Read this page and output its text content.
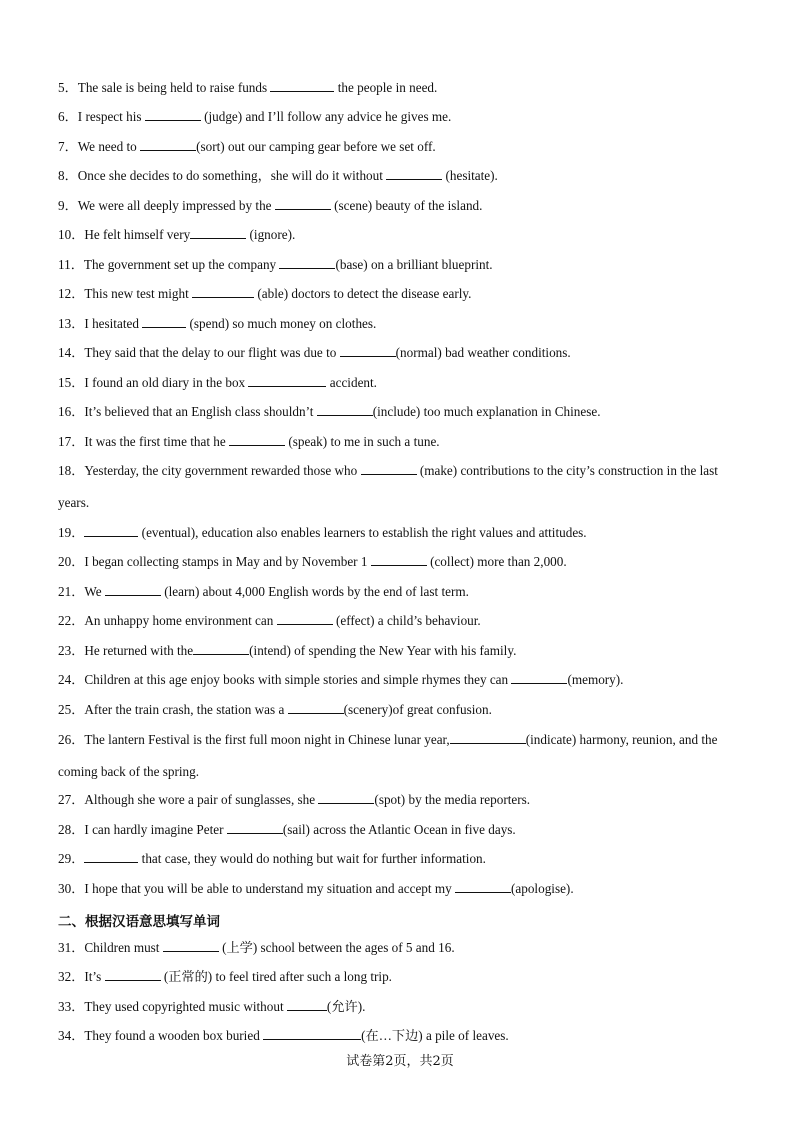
5．The sale is being held to raise funds	the people in need.
6．I respect his	(judge) and I’ll follow any advice he gives me.
7．We need to	(sort) out our camping gear before we set off.
8．Once she decides to do something，she will do it without	(hesitate).
9．We were all deeply impressed by the	(scene) beauty of the island.
10．He felt himself very	(ignore).
11．The government set up the company	(base) on a brilliant blueprint.
12．This new test might	(able) doctors to detect the disease early.
13．I hesitated	(spend) so much money on clothes.
14．They said that the delay to our flight was due to	(normal) bad weather conditions.
15．I found an old diary in the box	accident.
16．It’s believed that an English class shouldn’t	(include) too much explanation in Chinese.
17．It was the first time that he	(speak) to me in such a tune.
18．Yesterday, the city government rewarded those who	(make) contributions to the city’s construction in the last years.
19．	(eventual), education also enables learners to establish the right values and attitudes.
20．I began collecting stamps in May and by November 1	(collect) more than 2,000.
21．We	(learn) about 4,000 English words by the end of last term.
22．An unhappy home environment can	(effect) a child’s behaviour.
23．He returned with the	(intend) of spending the New Year with his family.
24．Children at this age enjoy books with simple stories and simple rhymes they can	(memory).
25．After the train crash, the station was a	(scenery)of great confusion.
26．The lantern Festival is the first full moon night in Chinese lunar year,	(indicate) harmony, reunion, and the coming back of the spring.
27．Although she wore a pair of sunglasses, she	(spot) by the media reporters.
28．I can hardly imagine Peter	(sail) across the Atlantic Ocean in five days.
29．	that case, they would do nothing but wait for further information.
30．I hope that you will be able to understand my situation and accept my	(apologise).
二、根据汉语意思填写单词
31．Children must	(上学) school between the ages of 5 and 16.
32．It’s	(正常的) to feel tired after such a long trip.
33．They used copyrighted music without	(允许).
34．They found a wooden box buried	(在…下边) a pile of leaves.
试卷第2页，共2页
